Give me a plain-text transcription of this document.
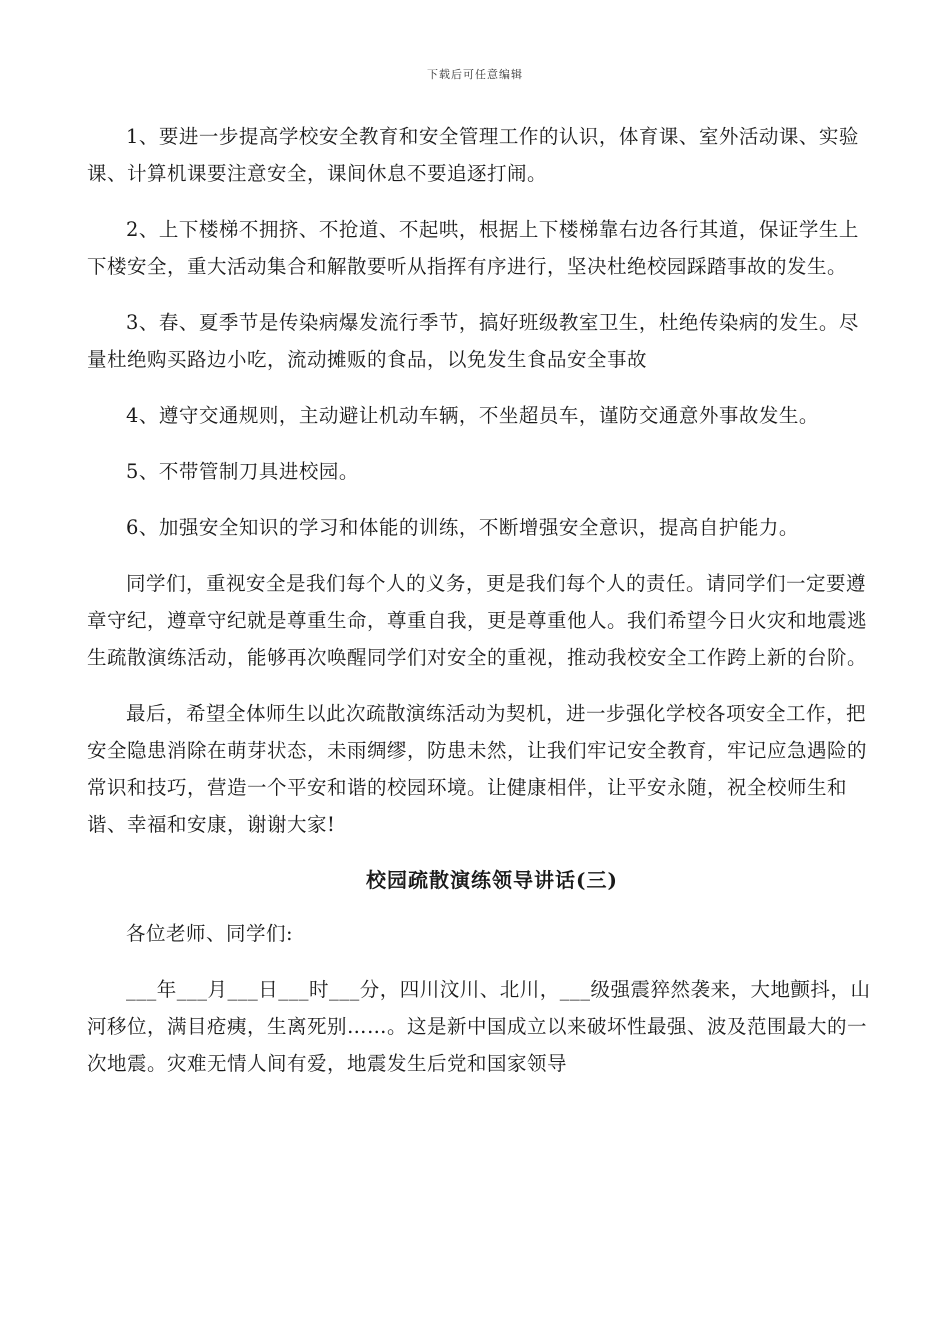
下载后可任意编辑

1、要进一步提高学校安全教育和安全管理工作的认识，体育课、室外活动课、实验课、计算机课要注意安全，课间休息不要追逐打闹。

2、上下楼梯不拥挤、不抢道、不起哄，根据上下楼梯靠右边各行其道，保证学生上下楼安全，重大活动集合和解散要听从指挥有序进行，坚决杜绝校园踩踏事故的发生。

3、春、夏季节是传染病爆发流行季节，搞好班级教室卫生，杜绝传染病的发生。尽量杜绝购买路边小吃，流动摊贩的食品，以免发生食品安全事故

4、遵守交通规则，主动避让机动车辆，不坐超员车，谨防交通意外事故发生。

5、不带管制刀具进校园。

6、加强安全知识的学习和体能的训练，不断增强安全意识，提高自护能力。

同学们，重视安全是我们每个人的义务，更是我们每个人的责任。请同学们一定要遵章守纪，遵章守纪就是尊重生命，尊重自我，更是尊重他人。我们希望今日火灾和地震逃生疏散演练活动，能够再次唤醒同学们对安全的重视，推动我校安全工作跨上新的台阶。

最后，希望全体师生以此次疏散演练活动为契机，进一步强化学校各项安全工作，把安全隐患消除在萌芽状态，未雨绸缪，防患未然，让我们牢记安全教育，牢记应急遇险的常识和技巧，营造一个平安和谐的校园环境。让健康相伴，让平安永随，祝全校师生和谐、幸福和安康，谢谢大家!

校园疏散演练领导讲话(三)

各位老师、同学们:

___年___月___日___时___分，四川汶川、北川，___级强震猝然袭来，大地颤抖，山河移位，满目疮痍，生离死别……。这是新中国成立以来破坏性最强、波及范围最大的一次地震。灾难无情人间有爱，地震发生后党和国家领导
